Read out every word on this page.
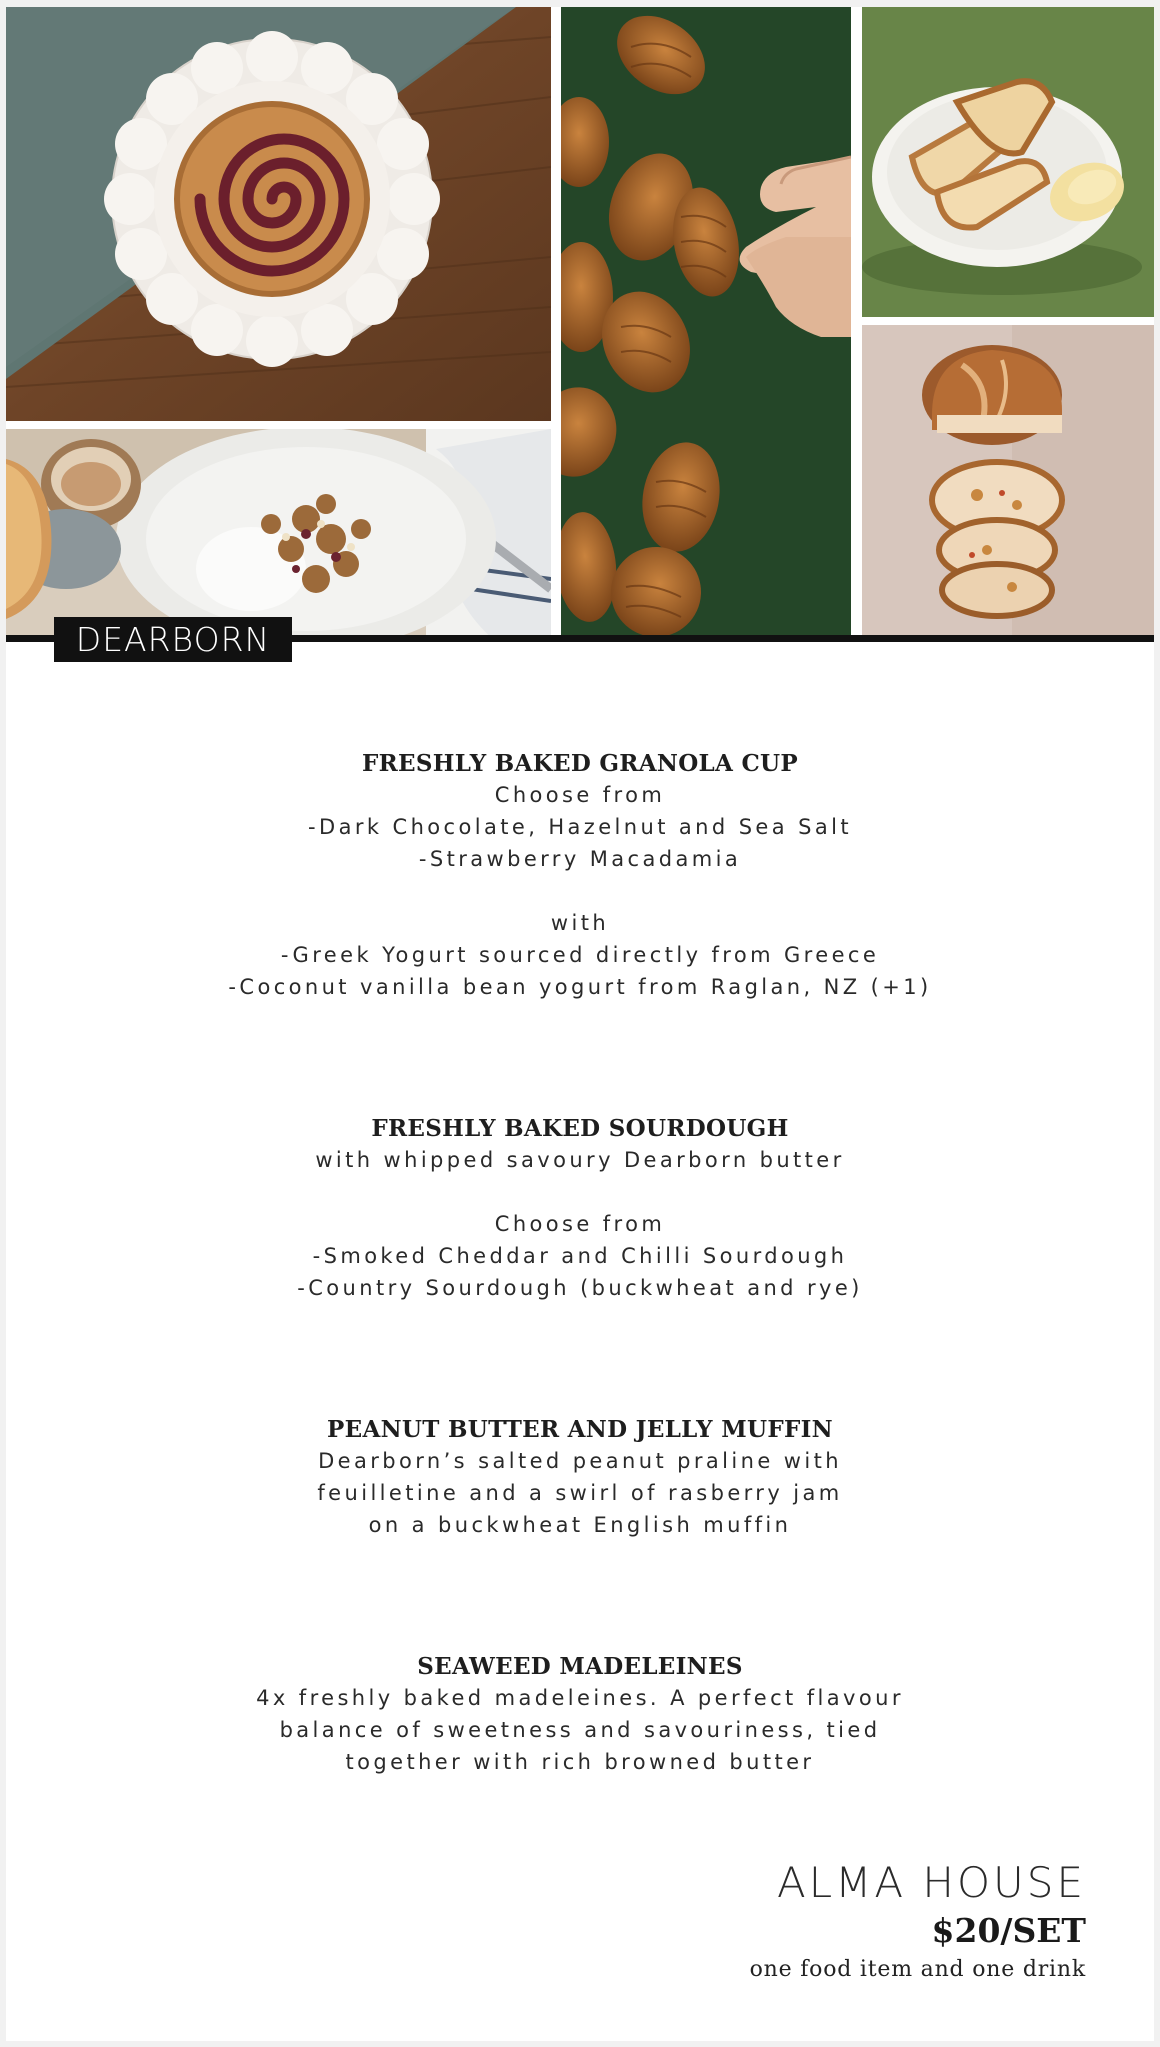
DEARBORN
FRESHLY BAKED GRANOLA CUP
Choose from
-Dark Chocolate, Hazelnut and Sea Salt
-Strawberry Macadamia
with
-Greek Yogurt sourced directly from Greece
-Coconut vanilla bean yogurt from Raglan, NZ (+1)
FRESHLY BAKED SOURDOUGH
with whipped savoury Dearborn butter
Choose from
-Smoked Cheddar and Chilli Sourdough
-Country Sourdough (buckwheat and rye)
PEANUT BUTTER AND JELLY MUFFIN
Dearborn’s salted peanut praline with
feuilletine and a swirl of rasberry jam
on a buckwheat English muffin
SEAWEED MADELEINES
4x freshly baked madeleines. A perfect flavour
balance of sweetness and savouriness, tied
together with rich browned butter
ALMA HOUSE
$20/SET
one food item and one drink
